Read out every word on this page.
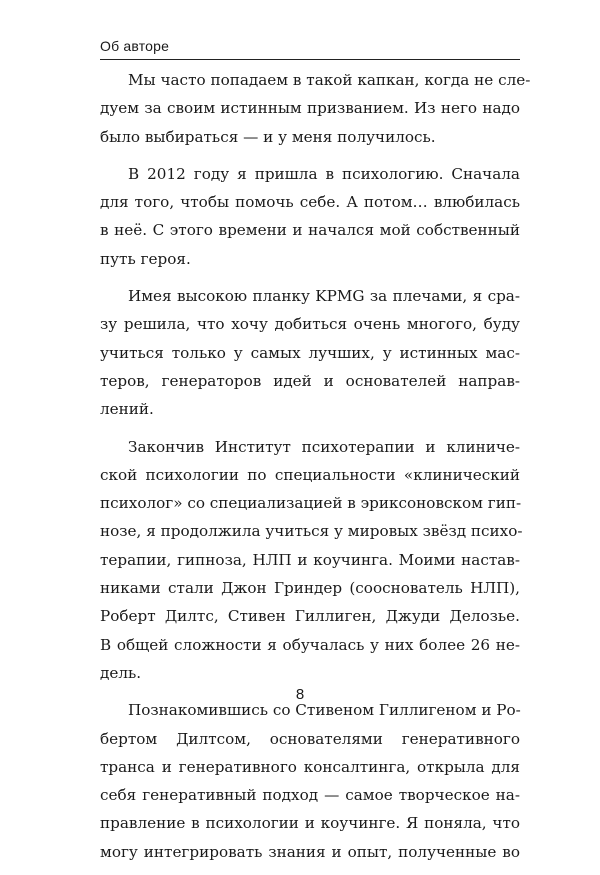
Об авторе

Мы часто попадаем в такой капкан, когда не сле-
дуем за своим истинным призванием. Из него надо
было выбираться — и у меня получилось.

В 2012 году я пришла в психологию. Сначала
для того, чтобы помочь себе. А потом… влюбилась
в неё. С этого времени и начался мой собственный
путь героя.

Имея высокою планку KPMG за плечами, я сра-
зу решила, что хочу добиться очень многого, буду
учиться только у самых лучших, у истинных мас-
теров, генераторов идей и основателей направ-
лений.

Закончив Институт психотерапии и клиниче-
ской психологии по специальности «клинический
психолог» со специализацией в эриксоновском гип-
нозе, я продолжила учиться у мировых звёзд психо-
терапии, гипноза, НЛП и коучинга. Моими настав-
никами стали Джон Гриндер (сооснователь НЛП),
Роберт Дилтс, Стивен Гиллиген, Джуди Делозье.
В общей сложности я обучалась у них более 26 не-
дель.

Познакомившись со Стивеном Гиллигеном и Ро-
бертом Дилтсом, основателями генеративного
транса и генеративного консалтинга, открыла для
себя генеративный подход — самое творческое на-
правление в психологии и коучинге. Я поняла, что
могу интегрировать знания и опыт, полученные во

8
